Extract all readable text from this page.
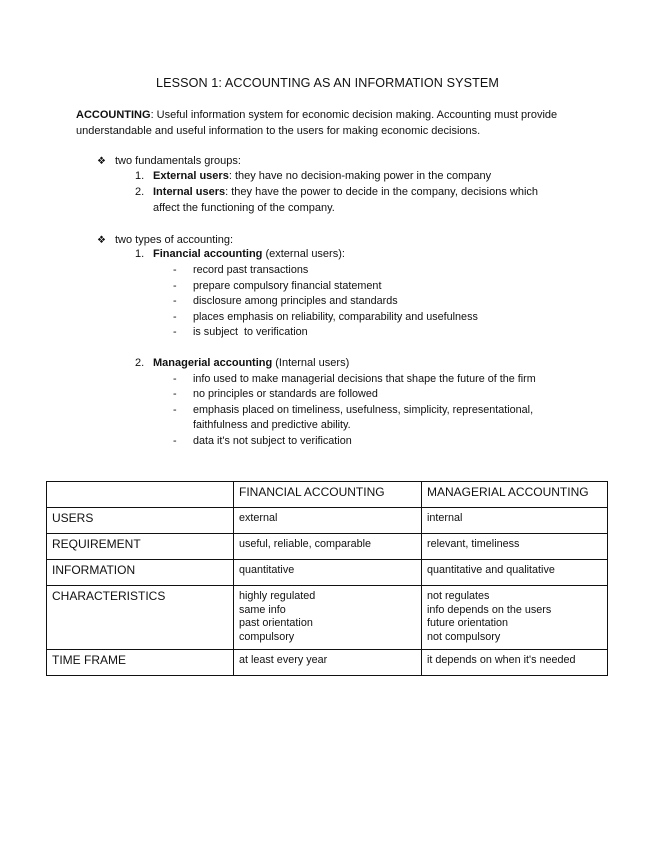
LESSON 1: ACCOUNTING AS AN INFORMATION SYSTEM
ACCOUNTING: Useful information system for economic decision making. Accounting must provide understandable and useful information to the users for making economic decisions.
❖ two fundamentals groups:
1. External users: they have no decision-making power in the company
2. Internal users: they have the power to decide in the company, decisions which
affect the functioning of the company.
❖ two types of accounting:
1. Financial accounting (external users):
- record past transactions
- prepare compulsory financial statement
- disclosure among principles and standards
- places emphasis on reliability, comparability and usefulness
- is subject  to verification
2. Managerial accounting (Internal users)
- info used to make managerial decisions that shape the future of the firm
- no principles or standards are followed
- emphasis placed on timeliness, usefulness, simplicity, representational,
faithfulness and predictive ability.
- data it's not subject to verification
	FINANCIAL ACCOUNTING	MANAGERIAL ACCOUNTING
USERS	external	internal

REQUIREMENT	useful, reliable, comparable	relevant, timeliness

INFORMATION	quantitative	quantitative and qualitative

CHARACTERISTICS	highly regulated
same info
past orientation
compulsory	not regulates
info depends on the users
future orientation
not compulsory

TIME FRAME	at least every year	it depends on when it's needed
